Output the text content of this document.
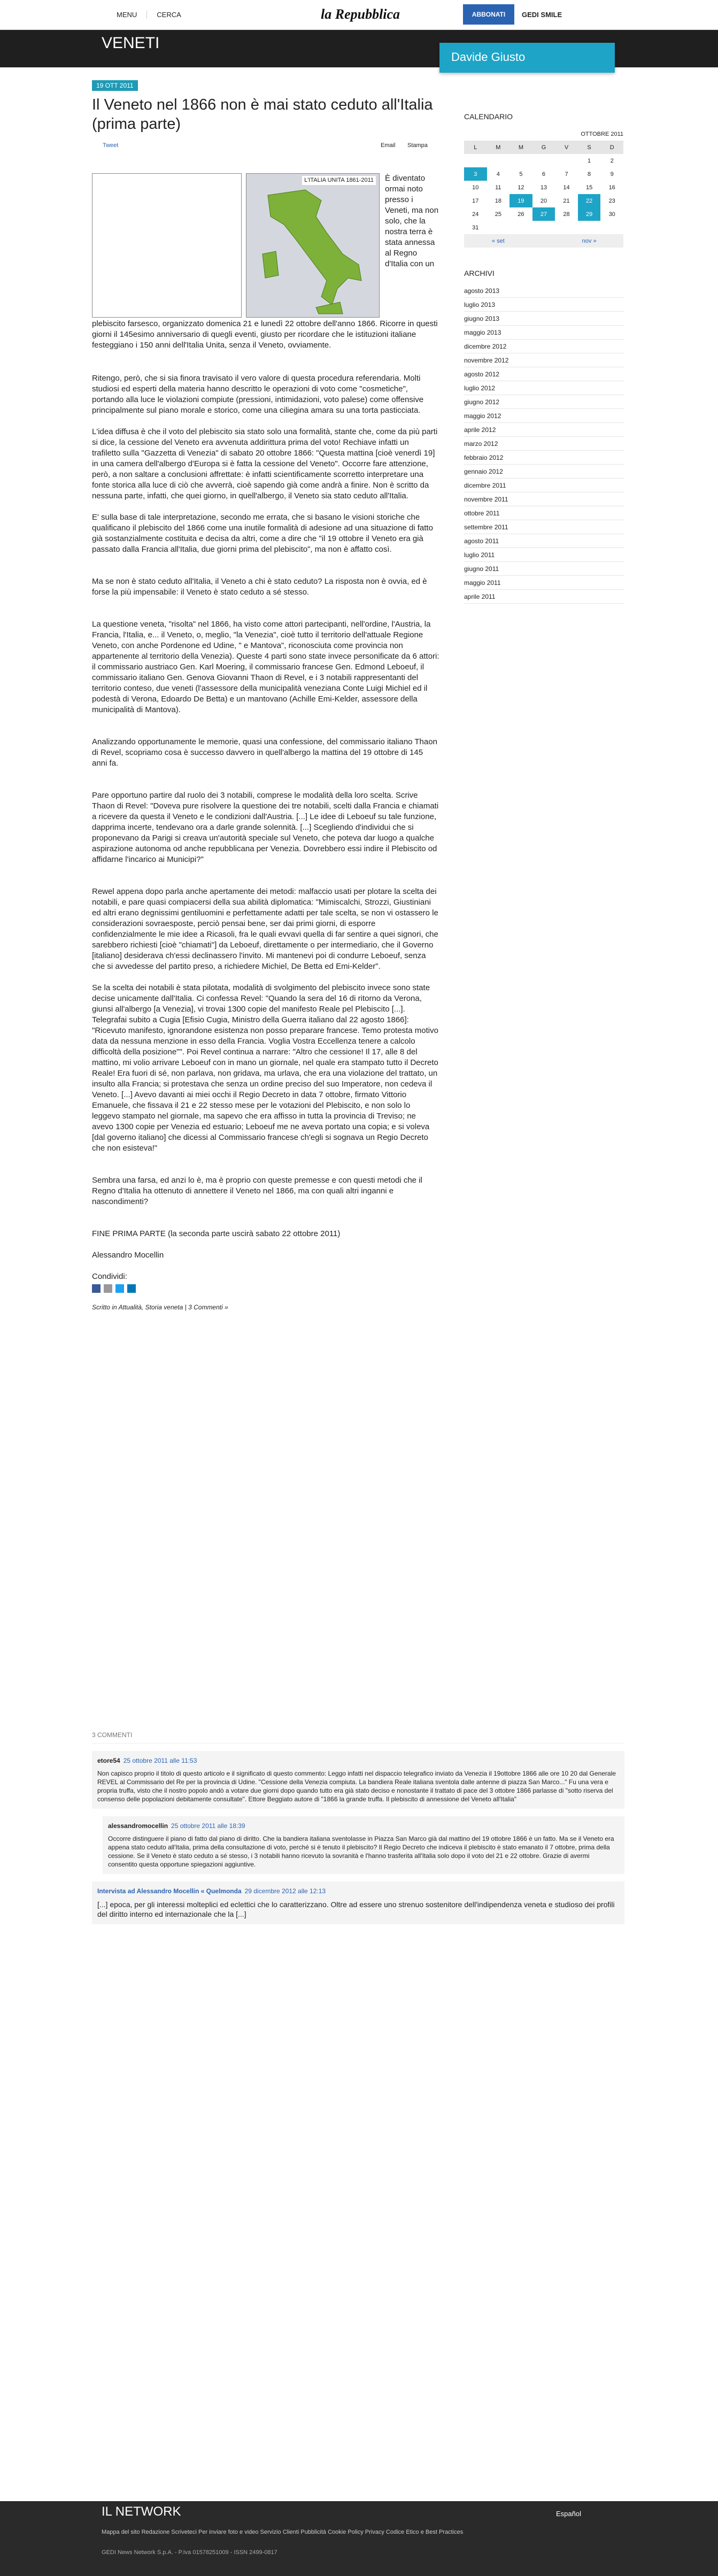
MENU	CERCA	la Repubblica	ABBONATI	GEDI SMILE
VENETI
Davide Giusto
19 OTT 2011
Il Veneto nel 1866 non è mai stato ceduto all'Italia (prima parte)
Tweet	Email Stampa
L'ITALIA UNITA 1861-2011 È diventato ormai noto presso i Veneti, ma non solo, che la nostra terra è stata annessa al Regno d'Italia con un
plebiscito farsesco, organizzato domenica 21 e lunedì 22 ottobre dell'anno 1866. Ricorre in questi giorni il 145esimo anniversario di quegli eventi, giusto per ricordare che le istituzioni italiane festeggiano i 150 anni dell'Italia Unita, senza il Veneto, ovviamente.
Ritengo, però, che si sia finora travisato il vero valore di questa procedura referendaria. Molti studiosi ed esperti della materia hanno descritto le operazioni di voto come "cosmetiche", portando alla luce le violazioni compiute (pressioni, intimidazioni, voto palese) come offensive principalmente sul piano morale e storico, come una ciliegina amara su una torta pasticciata.
L'idea diffusa è che il voto del plebiscito sia stato solo una formalità, stante che, come da più parti si dice, la cessione del Veneto era avvenuta addirittura prima del voto! Rechiave infatti un trafiletto sulla "Gazzetta di Venezia" di sabato 20 ottobre 1866: "Questa mattina [cioè venerdì 19] in una camera dell'albergo d'Europa si è fatta la cessione del Veneto". Occorre fare attenzione, però, a non saltare a conclusioni affrettate: è infatti scientificamente scorretto interpretare una fonte storica alla luce di ciò che avverrà, cioè sapendo già come andrà a finire. Non è scritto da nessuna parte, infatti, che quei giorno, in quell'albergo, il Veneto sia stato ceduto all'Italia.
E' sulla base di tale interpretazione, secondo me errata, che si basano le visioni storiche che qualificano il plebiscito del 1866 come una inutile formalità di adesione ad una situazione di fatto già sostanzialmente costituita e decisa da altri, come a dire che "il 19 ottobre il Veneto era già passato dalla Francia all'Italia, due giorni prima del plebiscito", ma non è affatto così.
Ma se non è stato ceduto all'Italia, il Veneto a chi è stato ceduto? La risposta non è ovvia, ed è forse la più impensabile: il Veneto è stato ceduto a sé stesso.
La questione veneta, "risolta" nel 1866, ha visto come attori partecipanti, nell'ordine, l'Austria, la Francia, l'Italia, e... il Veneto, o, meglio, "la Venezia", cioè tutto il territorio dell'attuale Regione Veneto, con anche Pordenone ed Udine, " e Mantova", riconosciuta come provincia non appartenente al territorio della Venezia). Queste 4 parti sono state invece personificate da 6 attori: il commissario austriaco Gen. Karl Moering, il commissario francese Gen. Edmond Leboeuf, il commissario italiano Gen. Genova Giovanni Thaon di Revel, e i 3 notabili rappresentanti del territorio conteso, due veneti (l'assessore della municipalità veneziana Conte Luigi Michiel ed il podestà di Verona, Edoardo De Betta) e un mantovano (Achille Emi-Kelder, assessore della municipalità di Mantova).
Analizzando opportunamente le memorie, quasi una confessione, del commissario italiano Thaon di Revel, scopriamo cosa è successo davvero in quell'albergo la mattina del 19 ottobre di 145 anni fa.
Pare opportuno partire dal ruolo dei 3 notabili, comprese le modalità della loro scelta. Scrive Thaon di Revel: "Doveva pure risolvere la questione dei tre notabili, scelti dalla Francia e chiamati a ricevere da questa il Veneto e le condizioni dall'Austria. [...] Le idee di Leboeuf su tale funzione, dapprima incerte, tendevano ora a darle grande solennità. [...] Scegliendo d'individui che si proponevano da Parigi si creava un'autorità speciale sul Veneto, che poteva dar luogo a qualche aspirazione autonoma od anche repubblicana per Venezia. Dovrebbero essi indire il Plebiscito od affidarne l'incarico ai Municipi?"
Rewel appena dopo parla anche apertamente dei metodi: malfaccio usati per plotare la scelta dei notabili, e pare quasi compiacersi della sua abilità diplomatica: "Mimiscalchi, Strozzi, Giustiniani ed altri erano degnissimi gentiluomini e perfettamente adatti per tale scelta, se non vi ostassero le considerazioni sovraesposte, perciò pensai bene, ser dai primi giorni, di esporre confidenzialmente le mie idee a Ricasoli, fra le quali evvavi quella di far sentire a quei signori, che sarebbero richiesti [cioè "chiamati"] da Leboeuf, direttamente o per intermediario, che il Governo [italiano] desiderava ch'essi declinassero l'invito. Mi mantenevi poi di condurre Leboeuf, senza che si avvedesse del partito preso, a richiedere Michiel, De Betta ed Emi-Kelder".
Se la scelta dei notabili è stata pilotata, modalità di svolgimento del plebiscito invece sono state decise unicamente dall'Italia. Ci confessa Revel: "Quando la sera del 16 di ritorno da Verona, giunsi all'albergo [a Venezia], vi trovai 1300 copie del manifesto Reale pel Plebiscito [...]. Telegrafai subito a Cugia [Efisio Cugia, Ministro della Guerra italiano dal 22 agosto 1866]: "Ricevuto manifesto, ignorandone esistenza non posso preparare francese. Temo protesta motivo data da nessuna menzione in esso della Francia. Voglia Vostra Eccellenza tenere a calcolo difficoltà della posizione"". Poi Revel continua a narrare: "Altro che cessione! Il 17, alle 8 del mattino, mi volio arrivare Leboeuf con in mano un giornale, nel quale era stampato tutto il Decreto Reale! Era fuori di sé, non parlava, non gridava, ma urlava, che era una violazione del trattato, un insulto alla Francia; si protestava che senza un ordine preciso del suo Imperatore, non cedeva il Veneto. [...] Avevo davanti ai miei occhi il Regio Decreto in data 7 ottobre, firmato Vittorio Emanuele, che fissava il 21 e 22 stesso mese per le votazioni del Plebiscito, e non solo lo leggevo stampato nel giornale, ma sapevo che era affisso in tutta la provincia di Treviso; ne avevo 1300 copie per Venezia ed estuario; Leboeuf me ne aveva portato una copia; e si voleva [dal governo italiano] che dicessi al Commissario francese ch'egli si sognava un Regio Decreto che non esisteva!"
Sembra una farsa, ed anzi lo è, ma è proprio con queste premesse e con questi metodi che il Regno d'Italia ha ottenuto di annettere il Veneto nel 1866, ma con quali altri inganni e nascondimenti?
FINE PRIMA PARTE (la seconda parte uscirà sabato 22 ottobre 2011)
Alessandro Mocellin
Condividi:
Scritto in Attualità, Storia veneta | 3 Commenti »
CALENDARIO
OTTOBRE 2011						
L	M	M	G	V	S	D
					1	2
3	4	5	6	7	8	9
10	11	12	13	14	15	16
17	18	19	20	21	22	23
24	25	26	27	28	29	30
31						
« set				nov »		
ARCHIVI
agosto 2013
luglio 2013
giugno 2013
maggio 2013
dicembre 2012
novembre 2012
agosto 2012
luglio 2012
giugno 2012
maggio 2012
aprile 2012
marzo 2012
febbraio 2012
gennaio 2012
dicembre 2011
novembre 2011
ottobre 2011
settembre 2011
agosto 2011
luglio 2011
giugno 2011
maggio 2011
aprile 2011
3 COMMENTI
etore54 25 ottobre 2011 alle 11:53
Non capisco proprio il titolo di questo articolo e il significato di questo commento: Leggo infatti nel dispaccio telegrafico inviato da Venezia il 19ottobre 1866 alle ore 10 20 dal Generale REVEL al Commissario del Re per la provincia di Udine. "Cessione della Venezia compiuta. La bandiera Reale italiana sventola dalle antenne di piazza San Marco..." Fu una vera e propria truffa, visto che il nostro popolo andò a votare due giorni dopo quando tutto era già stato deciso e nonostante il trattato di pace del 3 ottobre 1866 parlasse di "sotto riserva del consenso delle popolazioni debitamente consultate". Ettore Beggiato autore di "1866 la grande truffa. Il plebiscito di annessione del Veneto all'Italia"
alessandromocellin 25 ottobre 2011 alle 18:39
Occorre distinguere il piano di fatto dal piano di diritto. Che la bandiera italiana sventolasse in Piazza San Marco già dal mattino del 19 ottobre 1866 è un fatto. Ma se il Veneto era appena stato ceduto all'Italia, prima della consultazione di voto, perché si è tenuto il plebiscito? Il Regio Decreto che indiceva il plebiscito è stato emanato il 7 ottobre, prima della cessione. Se il Veneto è stato ceduto a sé stesso, i 3 notabili hanno ricevuto la sovranità e l'hanno trasferita all'Italia solo dopo il voto del 21 e 22 ottobre. Grazie di avermi consentito questa opportune spiegazioni aggiuntive.
Intervista ad Alessandro Mocellin « Quelmonda 29 dicembre 2012 alle 12:13
[...] epoca, per gli interessi molteplici ed eclettici che lo caratterizzano. Oltre ad essere uno strenuo sostenitore dell'indipendenza veneta e studioso dei profili del diritto interno ed internazionale che la [...]
IL NETWORK	Español
Mappa del sito Redazione Scriveteci Per inviare foto e video Servizio Clienti Pubblicità Cookie Policy Privacy Codice Etico e Best Practices
GEDI News Network S.p.A. - P.Iva 01578251009 - ISSN 2499-0817
